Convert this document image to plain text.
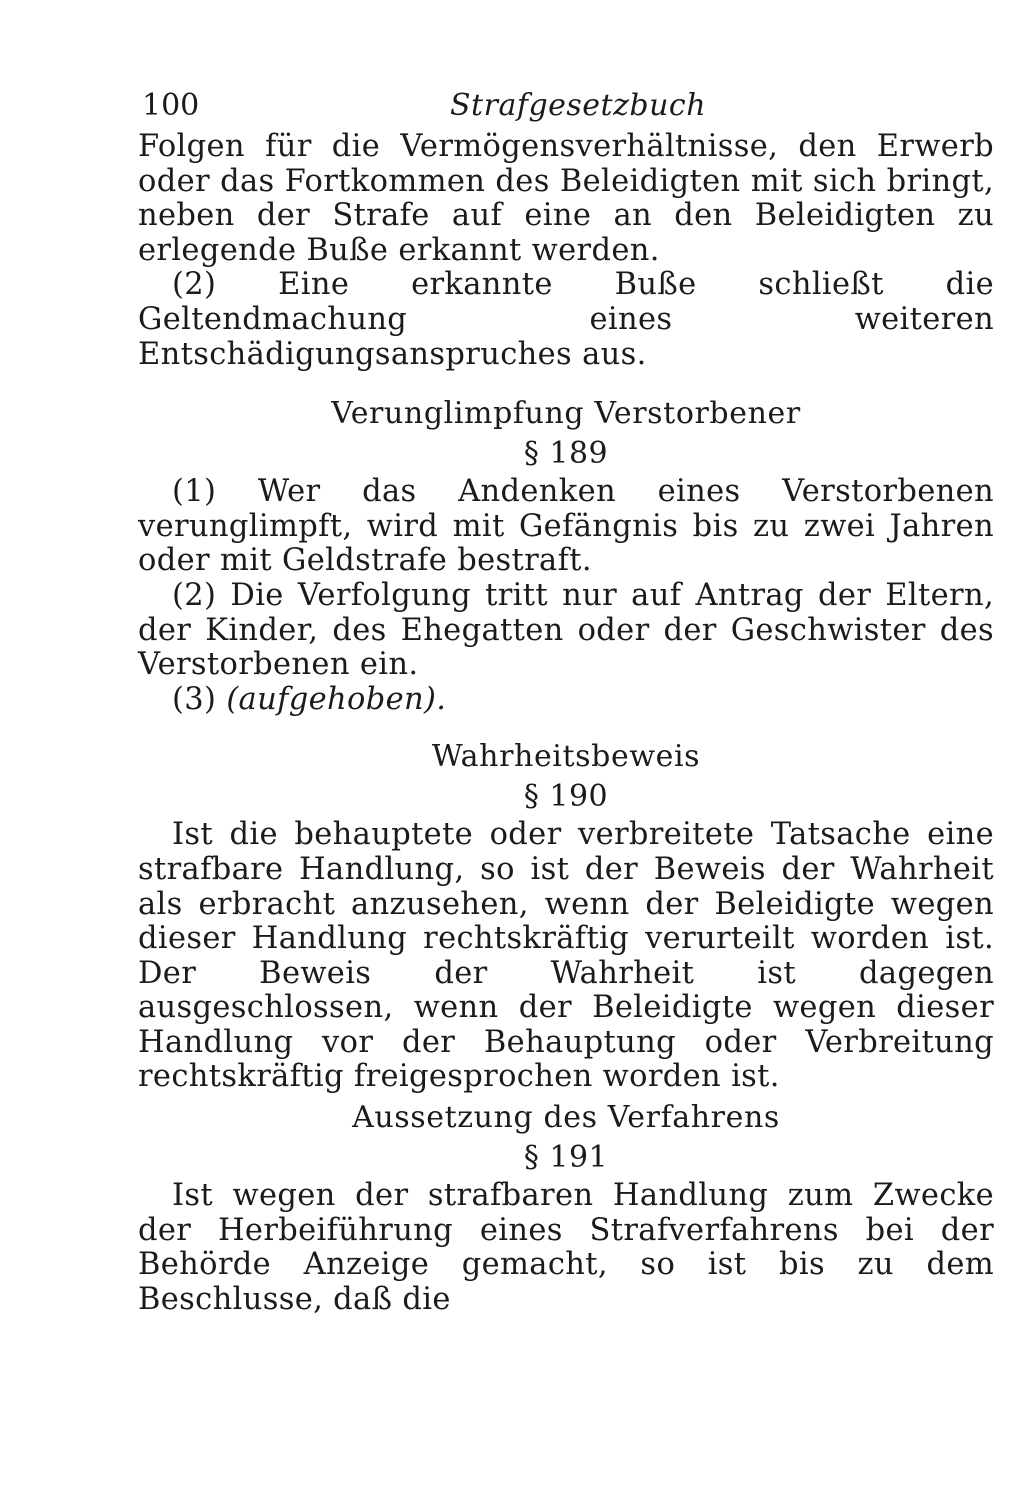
100	Strafgesetzbuch

Folgen für die Vermögensverhältnisse, den Erwerb oder das Fortkommen des Beleidigten mit sich bringt, neben der Strafe auf eine an den Beleidigten zu erlegende Buße erkannt werden.

(2) Eine erkannte Buße schließt die Geltendmachung eines weiteren Entschädigungsanspruches aus.

Verunglimpfung Verstorbener
§ 189

(1) Wer das Andenken eines Verstorbenen verunglimpft, wird mit Gefängnis bis zu zwei Jahren oder mit Geldstrafe bestraft.

(2) Die Verfolgung tritt nur auf Antrag der Eltern, der Kinder, des Ehegatten oder der Geschwister des Verstorbenen ein.

(3) (aufgehoben).

Wahrheitsbeweis
§ 190

Ist die behauptete oder verbreitete Tatsache eine strafbare Handlung, so ist der Beweis der Wahrheit als erbracht anzusehen, wenn der Beleidigte wegen dieser Handlung rechtskräftig verurteilt worden ist. Der Beweis der Wahrheit ist dagegen ausgeschlossen, wenn der Beleidigte wegen dieser Handlung vor der Behauptung oder Verbreitung rechtskräftig freigesprochen worden ist.

Aussetzung des Verfahrens
§ 191

Ist wegen der strafbaren Handlung zum Zwecke der Herbeiführung eines Strafverfahrens bei der Behörde Anzeige gemacht, so ist bis zu dem Beschlusse, daß die
